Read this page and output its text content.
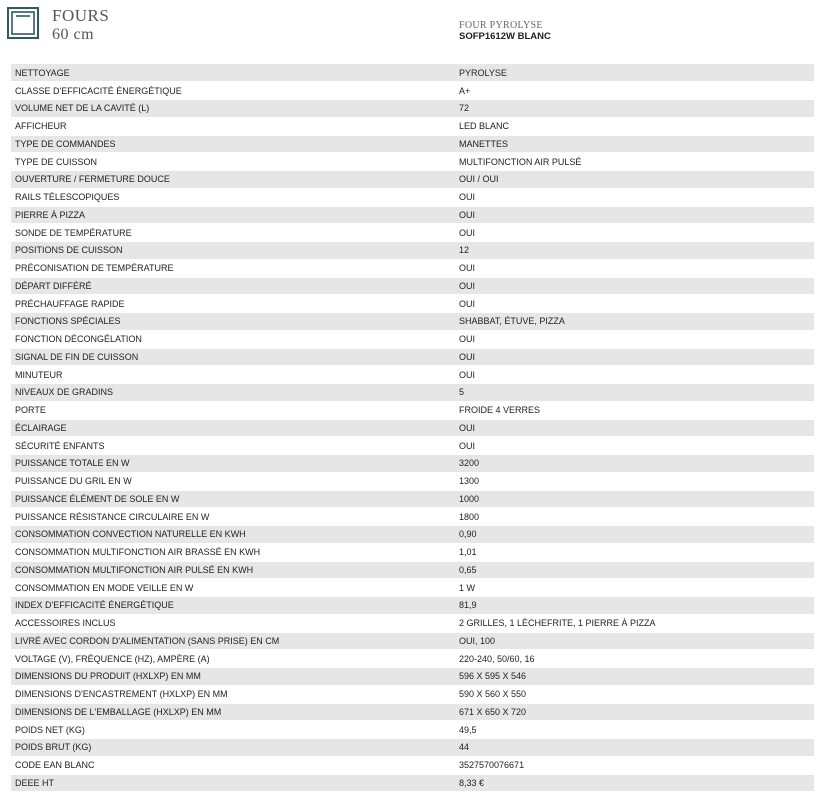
FOURS
60 cm
FOUR PYROLYSE
SOFP1612W BLANC
NETTOYAGE	PYROLYSE
CLASSE D'EFFICACITÉ ÉNERGÉTIQUE	A+
VOLUME NET DE LA CAVITÉ (L)	72
AFFICHEUR	LED BLANC
TYPE DE COMMANDES	MANETTES
TYPE DE CUISSON	MULTIFONCTION AIR PULSÉ
OUVERTURE / FERMETURE DOUCE	OUI / OUI
RAILS TÉLESCOPIQUES	OUI
PIERRE À PIZZA	OUI
SONDE DE TEMPÉRATURE	OUI
POSITIONS DE CUISSON	12
PRÉCONISATION DE TEMPÉRATURE	OUI
DÉPART DIFFÉRÉ	OUI
PRÉCHAUFFAGE RAPIDE	OUI
FONCTIONS SPÉCIALES	SHABBAT, ÉTUVE, PIZZA
FONCTION DÉCONGÉLATION	OUI
SIGNAL DE FIN DE CUISSON	OUI
MINUTEUR	OUI
NIVEAUX DE GRADINS	5
PORTE	FROIDE 4 VERRES
ÉCLAIRAGE	OUI
SÉCURITÉ ENFANTS	OUI
PUISSANCE TOTALE EN W	3200
PUISSANCE DU GRIL EN W	1300
PUISSANCE ÉLÉMENT DE SOLE EN W	1000
PUISSANCE RÉSISTANCE CIRCULAIRE EN W	1800
CONSOMMATION CONVECTION NATURELLE EN KWH	0,90
CONSOMMATION MULTIFONCTION AIR BRASSÉ EN KWH	1,01
CONSOMMATION MULTIFONCTION AIR PULSÉ EN KWH	0,65
CONSOMMATION EN MODE VEILLE EN W	1 W
INDEX D'EFFICACITÉ ÉNERGÉTIQUE	81,9
ACCESSOIRES INCLUS	2 GRILLES, 1 LÈCHEFRITE, 1 PIERRE À PIZZA
LIVRÉ AVEC CORDON D'ALIMENTATION (SANS PRISE) EN CM	OUI, 100
VOLTAGE (V), FRÉQUENCE (HZ), AMPÈRE (A)	220-240, 50/60, 16
DIMENSIONS DU PRODUIT (HXLXP) EN MM	596 X 595 X 546
DIMENSIONS D'ENCASTREMENT (HXLXP) EN MM	590 X 560 X 550
DIMENSIONS DE L'EMBALLAGE (HXLXP) EN MM	671 X 650 X 720
POIDS NET (KG)	49,5
POIDS BRUT (KG)	44
CODE EAN BLANC	3527570076671
DEEE HT	8,33 €
